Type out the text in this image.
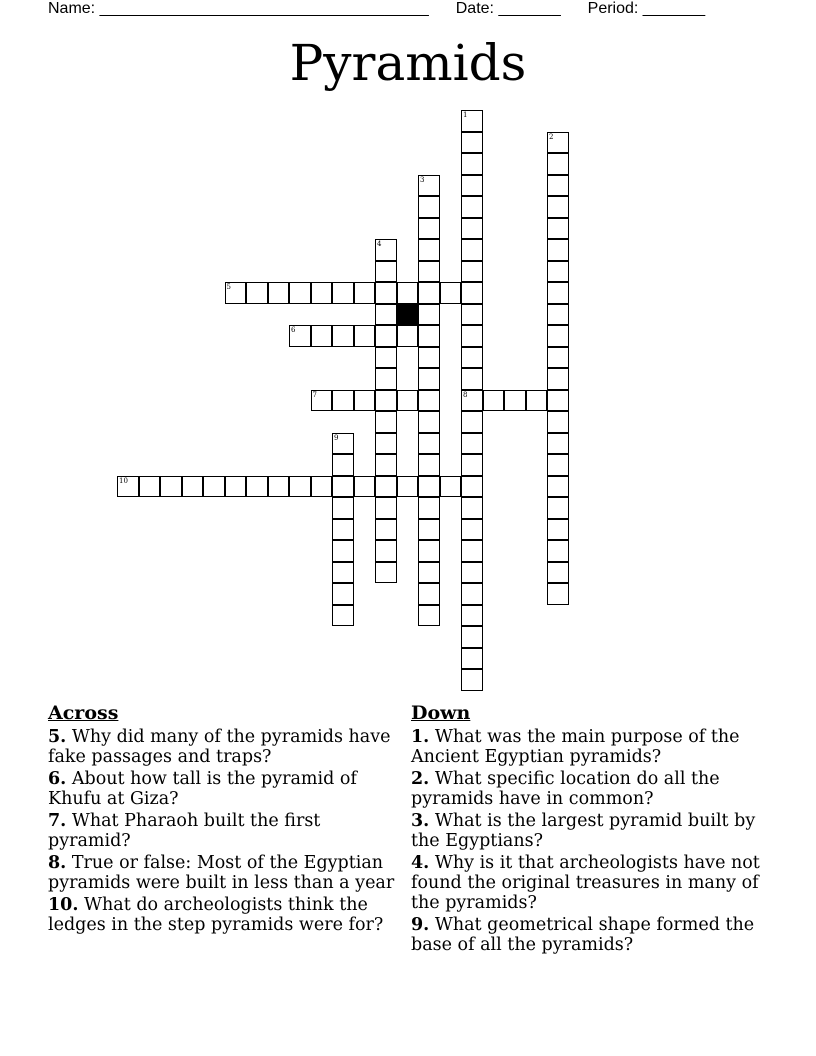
Name: _____________________________________ Date: _______ Period: _______
Pyramids
1
8
2
3
4
5
6
7
9
10
Across
5. Why did many of the pyramids have fake passages and traps?
6. About how tall is the pyramid of Khufu at Giza?
7. What Pharaoh built the first pyramid?
8. True or false: Most of the Egyptian pyramids were built in less than a year
10. What do archeologists think the ledges in the step pyramids were for?
Down
1. What was the main purpose of the Ancient Egyptian pyramids?
2. What specific location do all the pyramids have in common?
3. What is the largest pyramid built by the Egyptians?
4. Why is it that archeologists have not found the original treasures in many of the pyramids?
9. What geometrical shape formed the base of all the pyramids?
